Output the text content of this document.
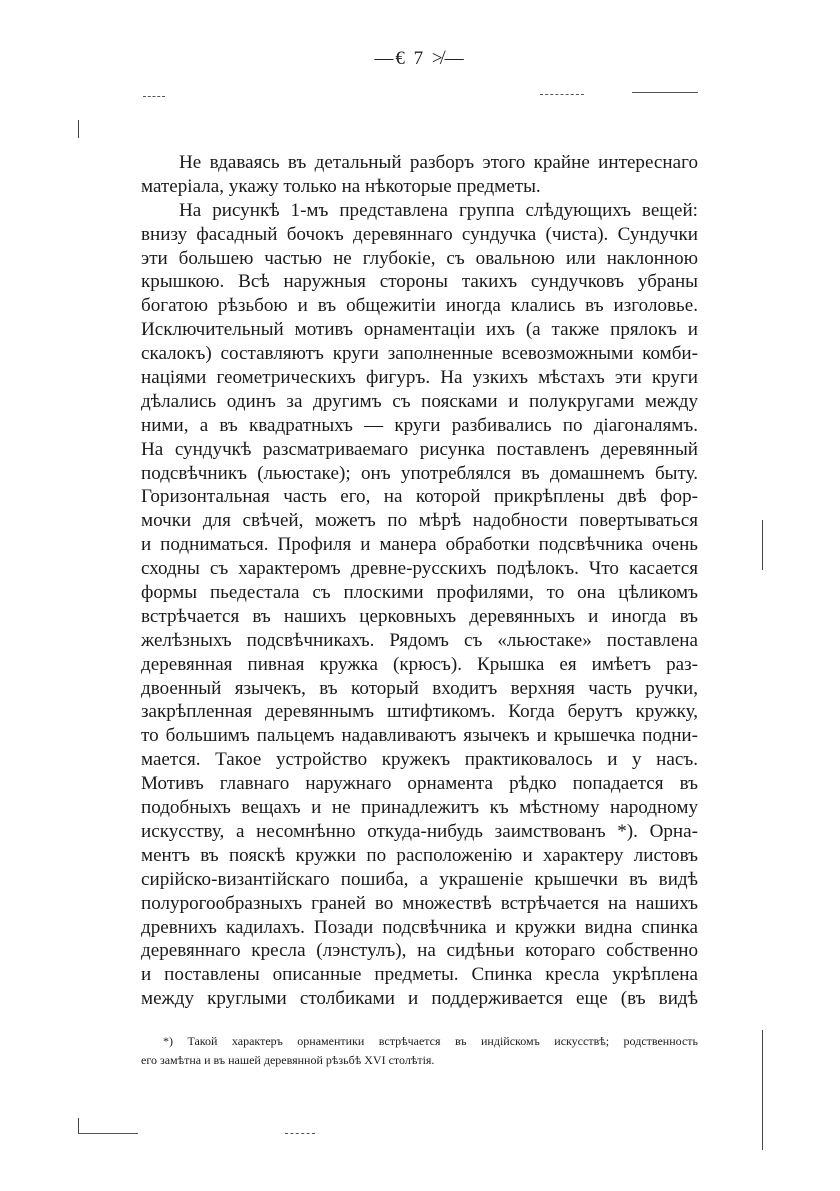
—€ 7 ≯—
Не вдаваясь въ детальный разборъ этого крайне интереснаго
матеріала, укажу только на нѣкоторые предметы.
На рисункѣ 1-мъ представлена группа слѣдующихъ вещей:
внизу фасадный бочокъ деревяннаго сундучка (чиста). Сундучки
эти большею частью не глубокіе, съ овальною или наклонною
крышкою. Всѣ наружныя стороны такихъ сундучковъ убраны
богатою рѣзьбою и въ общежитіи иногда клались въ изголовье.
Исключительный мотивъ орнаментаціи ихъ (а также прялокъ и
скалокъ) составляютъ круги заполненные всевозможными комби-
націями геометрическихъ фигуръ. На узкихъ мѣстахъ эти круги
дѣлались одинъ за другимъ съ поясками и полукругами между
ними, а въ квадратныхъ — круги разбивались по діагоналямъ.
На сундучкѣ разсматриваемаго рисунка поставленъ деревянный
подсвѣчникъ (льюстаке); онъ употреблялся въ домашнемъ быту.
Горизонтальная часть его, на которой прикрѣплены двѣ фор-
мочки для свѣчей, можетъ по мѣрѣ надобности повертываться
и подниматься. Профиля и манера обработки подсвѣчника очень
сходны съ характеромъ древне-русскихъ подѣлокъ. Что касается
формы пьедестала съ плоскими профилями, то она цѣликомъ
встрѣчается въ нашихъ церковныхъ деревянныхъ и иногда въ
желѣзныхъ подсвѣчникахъ. Рядомъ съ «льюстаке» поставлена
деревянная пивная кружка (крюсъ). Крышка ея имѣетъ раз-
двоенный язычекъ, въ который входитъ верхняя часть ручки,
закрѣпленная деревяннымъ штифтикомъ. Когда берутъ кружку,
то большимъ пальцемъ надавливаютъ язычекъ и крышечка подни-
мается. Такое устройство кружекъ практиковалось и у насъ.
Мотивъ главнаго наружнаго орнамента рѣдко попадается въ
подобныхъ вещахъ и не принадлежитъ къ мѣстному народному
искусству, а несомнѣнно откуда-нибудь заимствованъ *). Орна-
ментъ въ пояскѣ кружки по расположенію и характеру листовъ
сирійско-византійскаго пошиба, а украшеніе крышечки въ видѣ
полурогообразныхъ граней во множествѣ встрѣчается на нашихъ
древнихъ кадилахъ. Позади подсвѣчника и кружки видна спинка
деревяннаго кресла (лэнстулъ), на сидѣньи котораго собственно
и поставлены описанные предметы. Спинка кресла укрѣплена
между круглыми столбиками и поддерживается еще (въ видѣ
*) Такой характеръ орнаментики встрѣчается въ индійскомъ искусствѣ; родственность
его замѣтна и въ нашей деревянной рѣзьбѣ XVI столѣтія.
